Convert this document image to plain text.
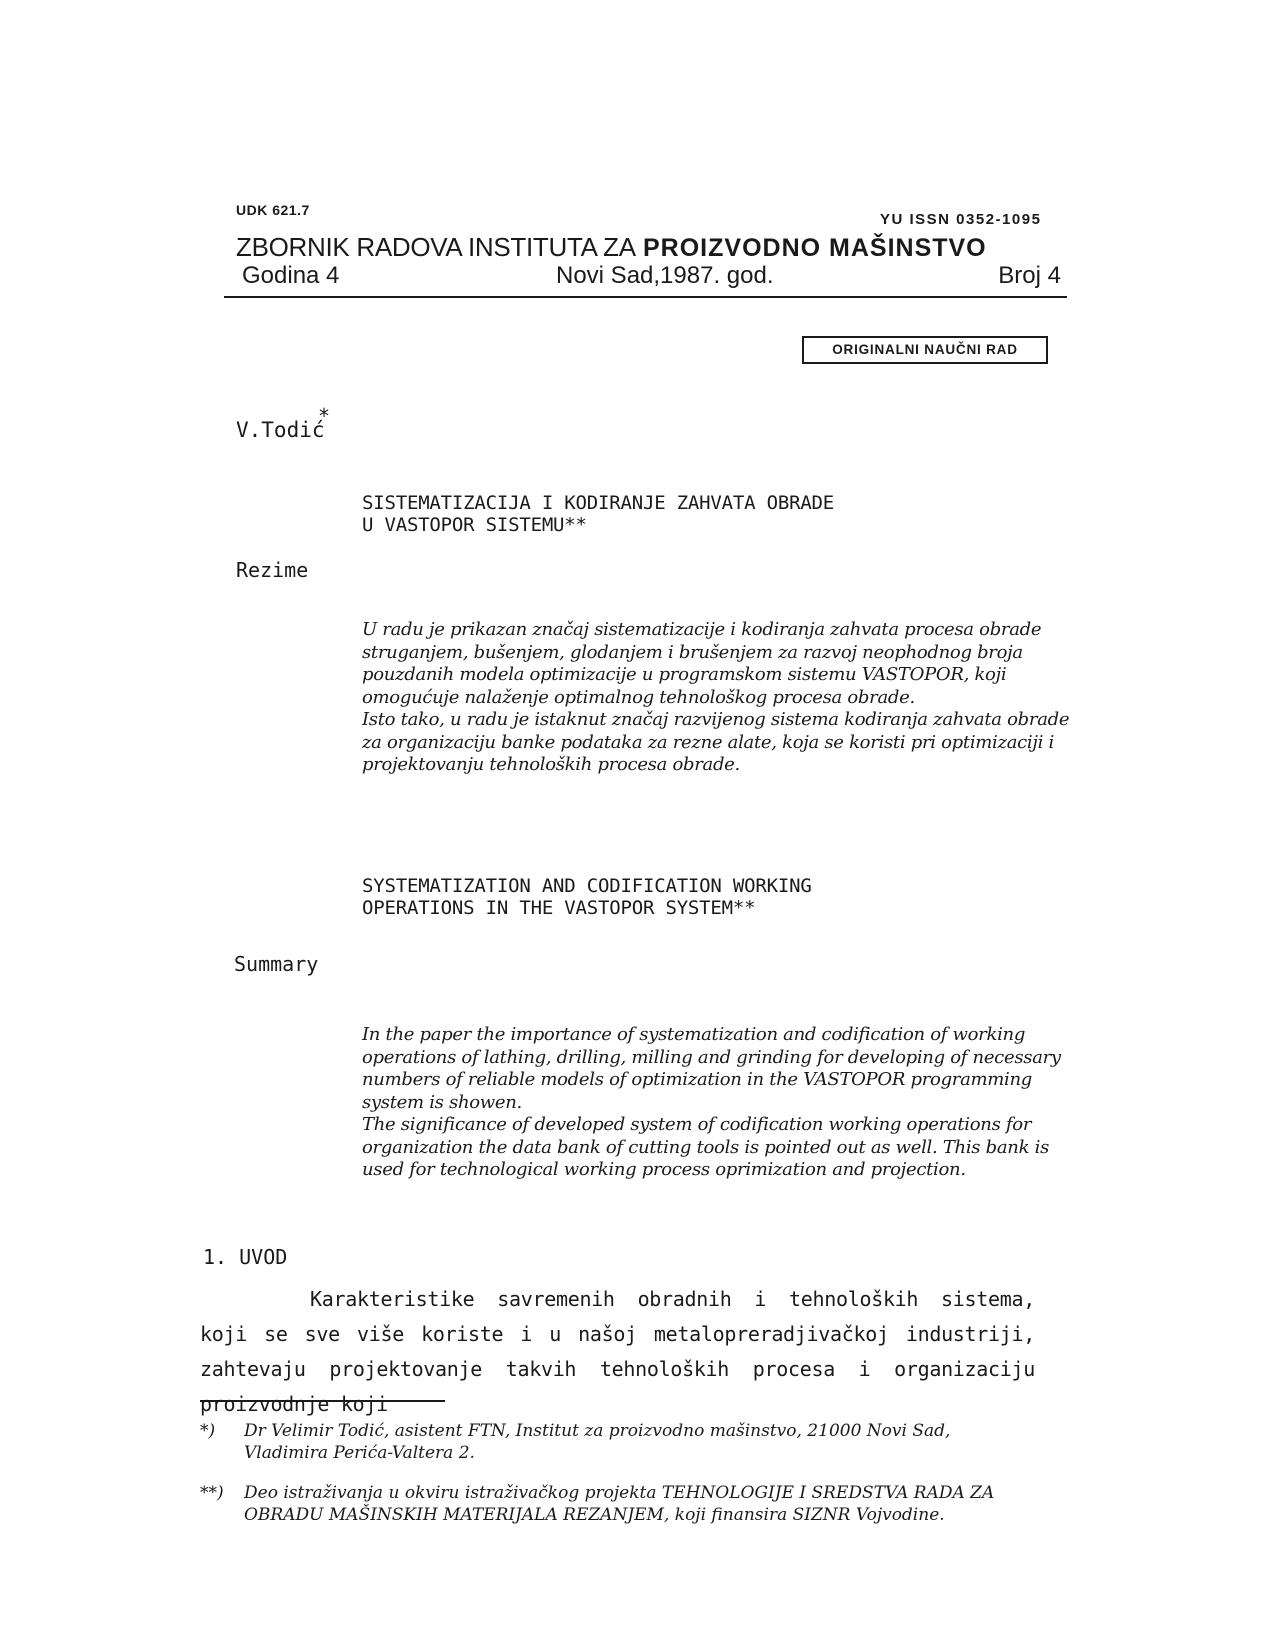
UDK 621.7
YU ISSN 0352-1095
ZBORNIK RADOVA INSTITUTA ZA PROIZVODNO MAŠINSTVO
Godina 4	Novi Sad,1987. god.	Broj 4
ORIGINALNI NAUČNI RAD
V.Todić
*
SISTEMATIZACIJA I KODIRANJE ZAHVATA OBRADE
U VASTOPOR SISTEMU**
Rezime

U radu je prikazan značaj sistematizacije i kodiranja zahvata procesa obrade struganjem, bušenjem, glodanjem i brušenjem za razvoj neophodnog broja pouzdanih modela optimizacije u programskom sistemu VASTOPOR, koji omogućuje nalaženje optimalnog tehnološkog procesa obrade.

Isto tako, u radu je istaknut značaj razvijenog sistema kodiranja zahvata obrade za organizaciju banke podataka za rezne alate, koja se koristi pri optimizaciji i projektovanju tehnoloških procesa obrade.

SYSTEMATIZATION AND CODIFICATION WORKING
OPERATIONS IN THE VASTOPOR SYSTEM**
Summary

In the paper the importance of systematization and codification of working operations of lathing, drilling, milling and grinding for developing of necessary numbers of reliable models of optimization in the VASTOPOR programming system is showen.

The significance of developed system of codification working operations for organization the data bank of cutting tools is pointed out as well. This bank is used for technological working process oprimization and projection.

1. UVOD

Karakteristike savremenih obradnih i tehnoloških sistema, koji se sve više koriste i u našoj metalopreradjivačkoj industriji, zahtevaju projektovanje takvih tehnoloških procesa i organizaciju proizvodnje koji

*) Dr Velimir Todić, asistent FTN, Institut za proizvodno mašinstvo, 21000 Novi Sad, Vladimira Perića-Valtera 2.
**) Deo istraživanja u okviru istraživačkog projekta TEHNOLOGIJE I SREDSTVA RADA ZA OBRADU MAŠINSKIH MATERIJALA REZANJEM, koji finansira SIZNR Vojvodine.
